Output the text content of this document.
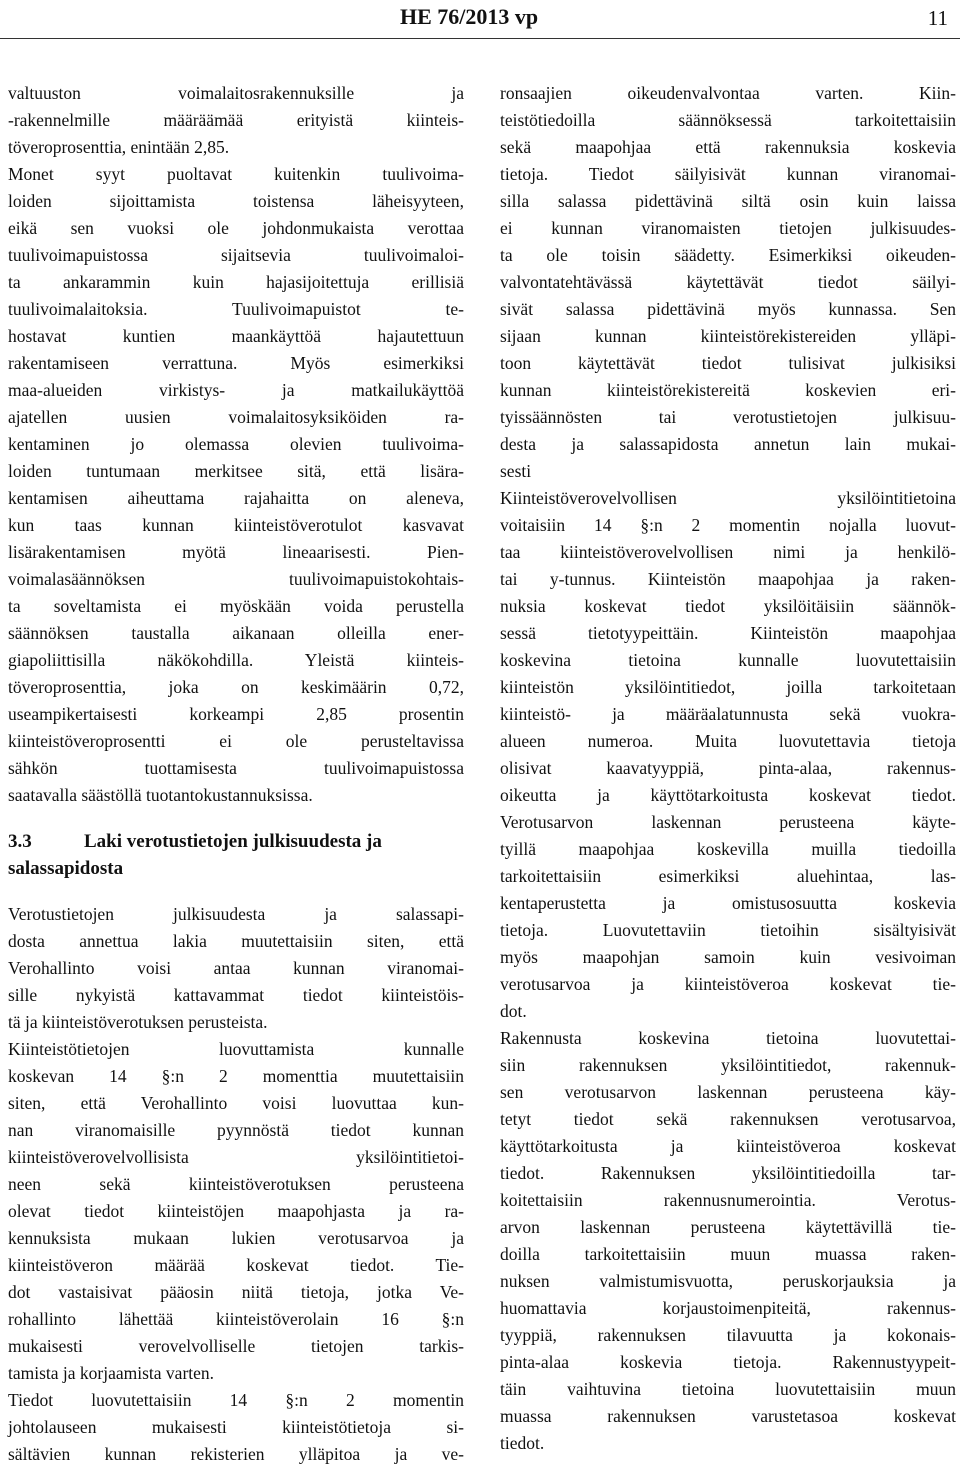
HE 76/2013 vp	11
valtuuston voimalaitosrakennuksille ja
-rakennelmille määräämää erityistä kiinteis-
töveroprosenttia, enintään 2,85.
Monet syyt puoltavat kuitenkin tuulivoima-
loiden sijoittamista toistensa läheisyyteen,
eikä sen vuoksi ole johdonmukaista verottaa
tuulivoimapuistossa sijaitsevia tuulivoimaloi-
ta ankarammin kuin hajasijoitettuja erillisiä
tuulivoimalaitoksia. Tuulivoimapuistot te-
hostavat kuntien maankäyttöä hajautettuun
rakentamiseen verrattuna. Myös esimerkiksi
maa-alueiden virkistys- ja matkailukäyttöä
ajatellen uusien voimalaitosyksiköiden ra-
kentaminen jo olemassa olevien tuulivoima-
loiden tuntumaan merkitsee sitä, että lisära-
kentamisen aiheuttama rajahaitta on aleneva,
kun taas kunnan kiinteistöverotulot kasvavat
lisärakentamisen myötä lineaarisesti. Pien-
voimalasäännöksen tuulivoimapuistokohtais-
ta soveltamista ei myöskään voida perustella
säännöksen taustalla aikanaan olleilla ener-
giapoliittisilla näkökohdilla. Yleistä kiinteis-
töveroprosenttia, joka on keskimäärin 0,72,
useampikertaisesti korkeampi 2,85 prosentin
kiinteistöveroprosentti ei ole perusteltavissa
sähkön tuottamisesta tuulivoimapuistossa
saatavalla säästöllä tuotantokustannuksissa.
3.3	Laki verotustietojen julkisuudesta ja
salassapidosta
Verotustietojen julkisuudesta ja salassapi-
dosta annettua lakia muutettaisiin siten, että
Verohallinto voisi antaa kunnan viranomai-
sille nykyistä kattavammat tiedot kiinteistöis-
tä ja kiinteistöverotuksen perusteista.
Kiinteistötietojen luovuttamista kunnalle
koskevan 14 §:n 2 momenttia muutettaisiin
siten, että Verohallinto voisi luovuttaa kun-
nan viranomaisille pyynnöstä tiedot kunnan
kiinteistöverovelvollisista yksilöintitietoi-
neen sekä kiinteistöverotuksen perusteena
olevat tiedot kiinteistöjen maapohjasta ja ra-
kennuksista mukaan lukien verotusarvoa ja
kiinteistöveron määrää koskevat tiedot. Tie-
dot vastaisivat pääosin niitä tietoja, jotka Ve-
rohallinto lähettää kiinteistöverolain 16 §:n
mukaisesti verovelvolliselle tietojen tarkis-
tamista ja korjaamista varten.
Tiedot luovutettaisiin 14 §:n 2 momentin
johtolauseen mukaisesti kiinteistötietoja si-
sältävien kunnan rekisterien ylläpitoa ja ve-
ronsaajien oikeudenvalvontaa varten. Kiin-
teistötiedoilla säännöksessä tarkoitettaisiin
sekä maapohjaa että rakennuksia koskevia
tietoja. Tiedot säilyisivät kunnan viranomai-
silla salassa pidettävinä siltä osin kuin laissa
ei kunnan viranomaisten tietojen julkisuudes-
ta ole toisin säädetty. Esimerkiksi oikeuden-
valvontatehtävässä käytettävät tiedot säilyi-
sivät salassa pidettävinä myös kunnassa. Sen
sijaan kunnan kiinteistörekistereiden ylläpi-
toon käytettävät tiedot tulisivat julkisiksi
kunnan kiinteistörekistereitä koskevien eri-
tyissäännösten tai verotustietojen julkisuu-
desta ja salassapidosta annetun lain mukai-
sesti
Kiinteistöverovelvollisen yksilöintitietoina
voitaisiin 14 §:n 2 momentin nojalla luovut-
taa kiinteistöverovelvollisen nimi ja henkilö-
tai y-tunnus. Kiinteistön maapohjaa ja raken-
nuksia koskevat tiedot yksilöitäisiin säännök-
sessä tietotyypeittäin. Kiinteistön maapohjaa
koskevina tietoina kunnalle luovutettaisiin
kiinteistön yksilöintitiedot, joilla tarkoitetaan
kiinteistö- ja määräalatunnusta sekä vuokra-
alueen numeroa. Muita luovutettavia tietoja
olisivat kaavatyyppiä, pinta-alaa, rakennus-
oikeutta ja käyttötarkoitusta koskevat tiedot.
Verotusarvon laskennan perusteena käyte-
tyillä maapohjaa koskevilla muilla tiedoilla
tarkoitettaisiin esimerkiksi aluehintaa, las-
kentaperustetta ja omistusosuutta koskevia
tietoja. Luovutettaviin tietoihin sisältyisivät
myös maapohjan samoin kuin vesivoiman
verotusarvoa ja kiinteistöveroa koskevat tie-
dot.
Rakennusta koskevina tietoina luovutettai-
siin rakennuksen yksilöintitiedot, rakennuk-
sen verotusarvon laskennan perusteena käy-
tetyt tiedot sekä rakennuksen verotusarvoa,
käyttötarkoitusta ja kiinteistöveroa koskevat
tiedot. Rakennuksen yksilöintitiedoilla tar-
koitettaisiin rakennusnumerointia. Verotus-
arvon laskennan perusteena käytettävillä tie-
doilla tarkoitettaisiin muun muassa raken-
nuksen valmistumisvuotta, peruskorjauksia ja
huomattavia korjaustoimenpiteitä, rakennus-
tyyppiä, rakennuksen tilavuutta ja kokonais-
pinta-alaa koskevia tietoja. Rakennustyypeit-
täin vaihtuvina tietoina luovutettaisiin muun
muassa rakennuksen varustetasoa koskevat
tiedot.
